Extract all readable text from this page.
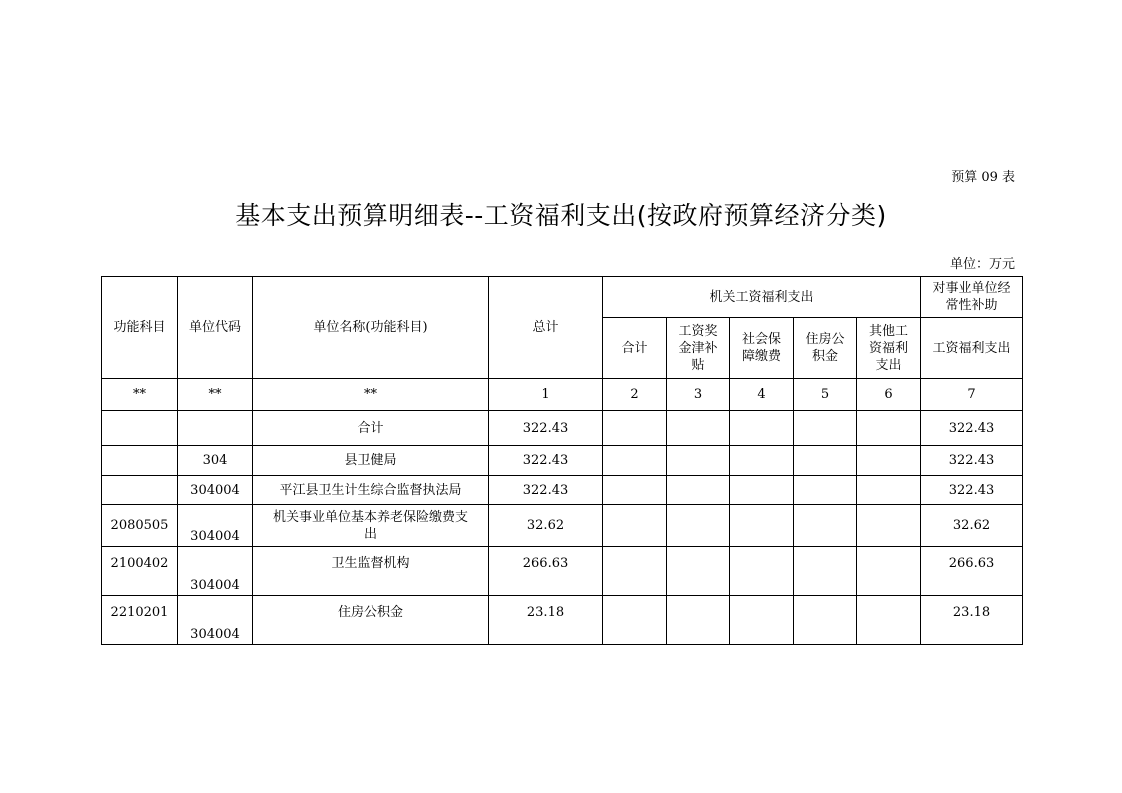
预算 09 表
基本支出预算明细表--工资福利支出(按政府预算经济分类)
单位：万元
功能科目	单位代码	单位名称(功能科目)	总计	机关工资福利支出					对事业单位经常性补助
				合计	工资奖金津补贴	社会保障缴费	住房公积金	其他工资福利支出	工资福利支出
**	**	**	1	2	3	4	5	6	7
		合计	322.43						322.43
	304	县卫健局	322.43						322.43
	304004	平江县卫生计生综合监督执法局	322.43						322.43
2080505	304004	机关事业单位基本养老保险缴费支出	32.62						32.62
2100402	304004	卫生监督机构	266.63						266.63
2210201	304004	住房公积金	23.18						23.18
